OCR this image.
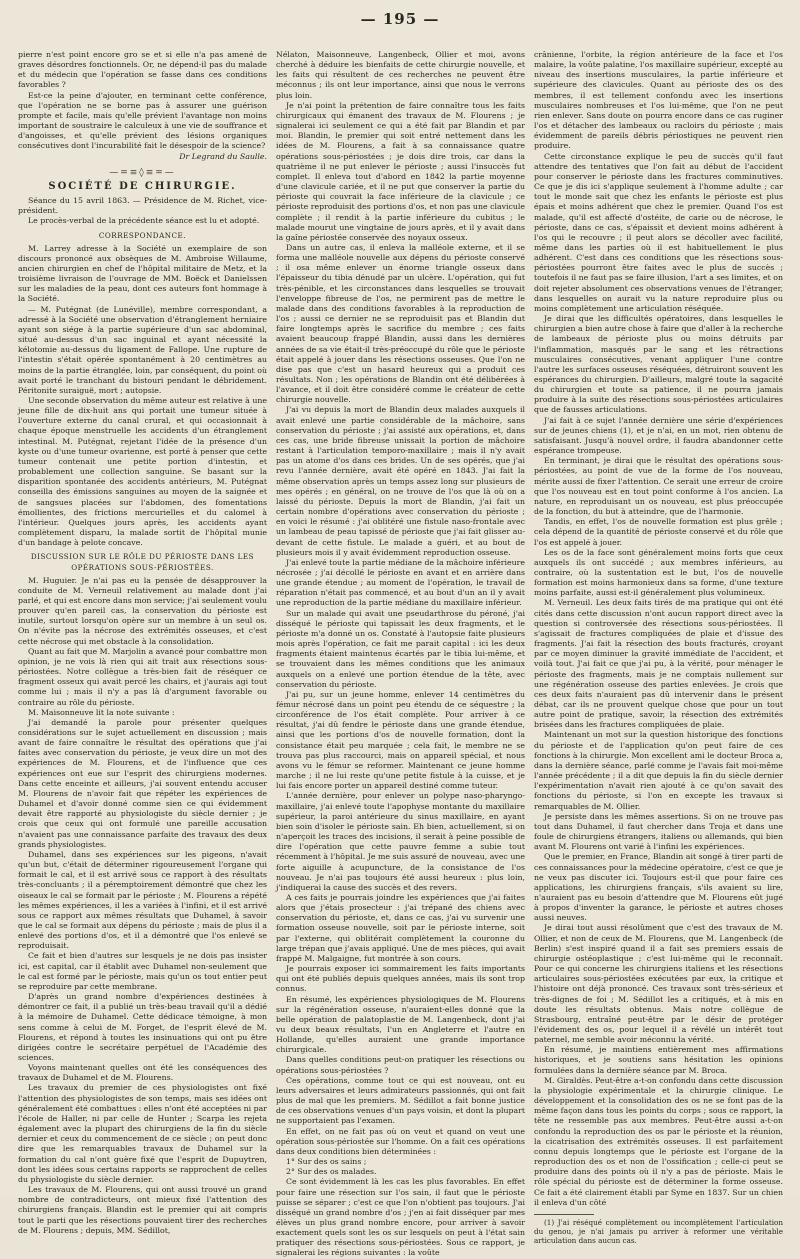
— 195 —

pierre n'est point encore gro se et si elle n'a pas amené de graves désordres fonctionnels. Or, ne dépend-il pas du malade et du médecin que l'opération se fasse dans ces conditions favorables ?

Est-ce la peine d'ajouter, en terminant cette conférence, que l'opération ne se borne pas à assurer une guérison prompte et facile, mais qu'elle prévient l'avantage non moins important de soustraire le calculeux à une vie de souffrance et d'angoisses, et qu'elle prévient des lésions organiques consécutives dont l'incurabilité fait le désespoir de la science?

Dr Legrand du Saulle.

—=≡◊≡=—
SOCIÉTÉ DE CHIRURGIE.

Séance du 15 avril 1863. — Présidence de M. Richet, vice-président.

Le procès-verbal de la précédente séance est lu et adopté.

CORRESPONDANCE.

M. Larrey adresse à la Société un exemplaire de son discours prononcé aux obsèques de M. Ambroise Willaume, ancien chirurgien en chef de l'hôpital militaire de Metz, et la troisième livraison de l'ouvrage de MM. Boëck et Danielssen sur les maladies de la peau, dont ces auteurs font hommage à la Société.

— M. Putégnat (de Lunéville), membre correspondant, a adressé à la Société une observation d'étranglement herniaire ayant son siége à la partie supérieure d'un sac abdominal, situé au-dessus d'un sac inguinal et ayant nécessité la kélotomie au-dessus du ligament de Fallope. Une rupture de l'intestin s'était opérée spontanément à 20 centimètres au moins de la partie étranglée, loin, par conséquent, du point où avait porté le tranchant du bistouri pendant le débridement. Péritonite suraiguë, mort ; autopsie.

Une seconde observation du même auteur est relative à une jeune fille de dix-huit ans qui portait une tumeur située à l'ouverture externe du canal crural, et qui occasionnait à chaque époque menstruelle les accidents d'un étranglement intestinal. M. Putégnat, rejetant l'idée de la présence d'un kyste ou d'une tumeur ovarienne, est porté à penser que cette tumeur contenait une petite portion d'intestin, et probablement une collection sanguine. Se basant sur la disparition spontanée des accidents antérieurs, M. Putégnat conseilla des émissions sanguines au moyen de la saignée et de sangsues placées sur l'abdomen, des fomentations émollientes, des frictions mercurielles et du calomel à l'intérieur. Quelques jours après, les accidents ayant complètement disparu, la malade sortit de l'hôpital munie d'un bandage à pelote concave.

DISCUSSION SUR LE RÔLE DU PÉRIOSTE DANS LES OPÉRATIONS SOUS-PÉRIOSTÉES.

M. Huguier. Je n'ai pas eu la pensée de désapprouver la conduite de M. Verneuil relativement au malade dont j'ai parlé, et qui est encore dans mon service; j'ai seulement voulu prouver qu'en pareil cas, la conservation du périoste est inutile, surtout lorsqu'on opère sur un membre à un seul os. On n'évite pas la nécrose des extrémités osseuses, et c'est cette nécrose qui met obstacle à la consolidation.

Quant au fait que M. Marjolin a avancé pour combattre mon opinion, je ne vois là rien qui ait trait aux résections sous-périostées. Notre collègue a très-bien fait de réséquer ce fragment osseux qui avait percé les chairs, et j'aurais agi tout comme lui ; mais il n'y a pas là d'argument favorable ou contraire au rôle du périoste.

M. Maisonneuve lit la note suivante :

J'ai demandé la parole pour présenter quelques considérations sur le sujet actuellement en discussion ; mais avant de faire connaître le résultat des opérations que j'ai faites avec conservation du périoste, je veux dire un mot des expériences de M. Flourens, et de l'influence que ces expériences ont eue sur l'esprit des chirurgiens modernes. Dans cette enceinte et ailleurs, j'ai souvent entendu accuser M. Flourens de n'avoir fait que répéter les expériences de Duhamel et d'avoir donné comme sien ce qui évidemment devait être rapporté au physiologiste du siècle dernier ; je crois que ceux qui ont formulé une pareille accusation n'avaient pas une connaissance parfaite des travaux des deux grands physiologistes.

Duhamel, dans ses expériences sur les pigeons, n'avait qu'un but, c'était de déterminer rigoureusement l'organe qui formait le cal, et il est arrivé sous ce rapport à des résultats très-concluants ; il a péremptoirement démontré que chez les oiseaux le cal se formait par le périoste ; M. Flourens a répété les mêmes expériences, il les a variées à l'infini, et il est arrivé sous ce rapport aux mêmes résultats que Duhamel, à savoir que le cal se formait aux dépens du périoste ; mais de plus il a enlevé des portions d'os, et il a démontré que l'os enlevé se reproduisait.

Ce fait et bien d'autres sur lesquels je ne dois pas insister ici, est capital, car il établit avec Duhamel non-seulement que le cal est formé par le périoste, mais qu'un os tout entier peut se reproduire par cette membrane.

D'après un grand nombre d'expériences destinées à démontrer ce fait, il a publié un très-beau travail qu'il a dédié à la mémoire de Duhamel. Cette dédicace témoigne, à mon sens comme à celui de M. Forget, de l'esprit élevé de M. Flourens, et répond à toutes les insinuations qui ont pu être dirigées contre le secrétaire perpétuel de l'Académie des sciences.

Voyons maintenant quelles ont été les conséquences des travaux de Duhamel et de M. Flourens.

Les travaux du premier de ces physiologistes ont fixé l'attention des physiologistes de son temps, mais ses idées ont généralement été combattues : elles n'ont été acceptées ni par l'école de Haller, ni par celle de Hunter ; Scarpa les rejeta également avec la plupart des chirurgiens de la fin du siècle dernier et ceux du commencement de ce siècle ; on peut donc dire que les remarquables travaux de Duhamel sur la formation du cal n'ont guère fixé que l'esprit de Dupuytren, dont les idées sous certains rapports se rapprochent de celles du physiologiste du siècle dernier.

Les travaux de M. Flourens, qui ont aussi trouvé un grand nombre de contradicteurs, ont mieux fixé l'attention des chirurgiens français. Blandin est le premier qui ait compris tout le parti que les résections pouvaient tirer des recherches de M. Flourens ; depuis, MM. Sédillot,

Nélaton, Maisonneuve, Langenbeck, Ollier et moi, avons cherché à déduire les bienfaits de cette chirurgie nouvelle, et les faits qui résultent de ces recherches ne peuvent être méconnus ; ils ont leur importance, ainsi que nous le verrons plus loin.

Je n'ai point la prétention de faire connaître tous les faits chirurgicaux qui émanent des travaux de M. Flourens ; je signalerai ici seulement ce qui a été fait par Blandin et par moi. Blandin, le premier qui soit entré nettement dans les idées de M. Flourens, a fait à sa connaissance quatre opérations sous-périostées ; je dois dire trois, car dans la quatrième il ne put enlever le périoste ; aussi l'insuccès fut complet. Il enleva tout d'abord en 1842 la partie moyenne d'une clavicule cariée, et il ne put que conserver la partie du périoste qui couvrait la face inférieure de la clavicule ; ce périoste reproduisit des portions d'os, et non pas une clavicule complète ; il rendit à la partie inférieure du cubitus ; le malade mourut une vingtaine de jours après, et il y avait dans la gaîne périostée conservée des noyaux osseux.

Dans un autre cas, il enleva la malléole externe, et il se forma une malléole nouvelle aux dépens du périoste conservé ; il osa même enlever un énorme triangle osseux dans l'épaisseur du tibia dénudé par un ulcère. L'opération, qui fut très-pénible, et les circonstances dans lesquelles se trouvait l'enveloppe fibreuse de l'os, ne permirent pas de mettre le malade dans des conditions favorables à la reproduction de l'os ; aussi ce dernier ne se reproduisit pas et Blandin dut faire longtemps après le sacrifice du membre ; ces faits avaient beaucoup frappé Blandin, aussi dans les dernières années de sa vie était-il très-préoccupé du rôle que le périoste était appelé à jouer dans les résections osseuses. Que l'on ne dise pas que c'est un hasard heureux qui a produit ces résultats. Non ; les opérations de Blandin ont été délibérées à l'avance, et il doit être considéré comme le créateur de cette chirurgie nouvelle.

J'ai vu depuis la mort de Blandin deux malades auxquels il avait enlevé une partie considérable de la mâchoire, sans conservation du périoste ; j'ai assisté aux opérations, et, dans ces cas, une bride fibreuse unissait la portion de mâchoire restant à l'articulation temporo-maxillaire ; mais il n'y avait pas un atome d'os dans ces brides. Un de ses opérés, que j'ai revu l'année dernière, avait été opéré en 1843. J'ai fait la même observation après un temps assez long sur plusieurs de mes opérés ; en général, on ne trouve de l'os que là où on a laissé du périoste. Depuis la mort de Blandin, j'ai fait un certain nombre d'opérations avec conservation du périoste ; en voici le résumé : j'ai oblitéré une fistule naso-frontale avec un lambeau de peau tapissé de périoste que j'ai fait glisser au-devant de cette fistule. Le malade a guéri, et au bout de plusieurs mois il y avait évidemment reproduction osseuse.

J'ai enlevé toute la partie médiane de la mâchoire inférieure nécrosée ; j'ai décollé le périoste en avant et en arrière dans une grande étendue ; au moment de l'opération, le travail de réparation n'était pas commencé, et au bout d'un an il y avait une reproduction de la partie médiane du maxillaire inférieur.

Sur un malade qui avait une pseudarthrose du péroné, j'ai disséqué le périoste qui tapissait les deux fragments, et le périoste m'a donné un os. Constaté à l'autopsie faite plusieurs mois après l'opération, ce fait me parait capital : ici les deux fragments étaient maintenus écartés par le tibia lui-même, et se trouvaient dans les mêmes conditions que les animaux auxquels on a enlevé une portion étendue de la tête, avec conservation du périoste.

J'ai pu, sur un jeune homme, enlever 14 centimètres du fémur nécrosé dans un point peu étendu de ce séquestre ; la circonférence de l'os était complète. Pour arriver à ce résultat, j'ai dû fendre le périoste dans une grande étendue, ainsi que les portions d'os de nouvelle formation, dont la consistance était peu marquée ; cela fait, le membre ne se trouva pas plus raccourci, mais on appareil spécial, et nous avons vu le fémur se reformer. Maintenant ce jeune homme marche ; il ne lui reste qu'une petite fistule à la cuisse, et je lui fais encore porter un appareil destiné comme tuteur.

L'année dernière, pour enlever un polype naso-pharyngo-maxillaire, j'ai enlevé toute l'apophyse montante du maxillaire supérieur, la paroi antérieure du sinus maxillaire, en ayant bien soin d'isoler le périoste sain. Eh bien, actuellement, si on n'aperçoit les traces des incisions, il serait à peine possible de dire l'opération que cette pauvre femme a subie tout récemment à l'hôpital. Je me suis assuré de nouveau, avec une forte aiguille à acupuncture, de la consistance de l'os nouveau. Je n'ai pas toujours été aussi heureux : plus loin, j'indiquerai la cause des succès et des revers.

A ces faits je pourrais joindre les expériences que j'ai faites alors que j'étais prosecteur : j'ai trépané des chiens avec conservation du périoste, et, dans ce cas, j'ai vu survenir une formation osseuse nouvelle, soit par le périoste interne, soit par l'externe, qui oblitérait complètement la couronne du large trépan que j'avais appliqué. Une de mes pièces, qui avait frappé M. Malgaigne, fut montrée à son cours.

Je pourrais exposer ici sommairement les faits importants qui ont été publiés depuis quelques années, mais ils sont trop connus.

En résumé, les expériences physiologiques de M. Flourens sur la régénération osseuse, n'auraient-elles donné que la belle opération de palatoplastie de M. Langenbeck, dont j'ai vu deux beaux résultats, l'un en Angleterre et l'autre en Hollande, qu'elles auraient une grande importance chirurgicale.

Dans quelles conditions peut-on pratiquer les résections ou opérations sous-périostées ?

Ces opérations, comme tout ce qui est nouveau, ont eu leurs adversaires et leurs admirateurs passionnés, qui ont fait plus de mal que les premiers. M. Sédillot a fait bonne justice de ces observations venues d'un pays voisin, et dont la plupart ne supportaient pas l'examen.

En effet, on ne fait pas où on veut et quand on veut une opération sous-périostée sur l'homme. On a fait ces opérations dans deux conditions bien déterminées :

1° Sur des os sains ;

2° Sur des os malades.

Ce sont évidemment là les cas les plus favorables. En effet pour faire une résection sur l'os sain, il faut que le périoste puisse se séparer ; c'est ce que l'on n'obtient pas toujours. J'ai disséqué un grand nombre d'os ; j'en ai fait disséquer par mes élèves un plus grand nombre encore, pour arriver à savoir exactement quels sont les os sur lesquels on peut à l'état sain pratiquer des résections sous-périostées. Sous ce rapport, je signalerai les régions suivantes : la voûte

crânienne, l'orbite, la région antérieure de la face et l'os malaire, la voûte palatine, l'os maxillaire supérieur, excepté au niveau des insertions musculaires, la partie inférieure et supérieure des clavicules. Quant au périoste des os des membres, il est tellement confondu avec les insertions musculaires nombreuses et l'os lui-même, que l'on ne peut rien enlever. Sans doute on pourra encore dans ce cas ruginer l'os et détacher des lambeaux ou racloirs du périoste ; mais évidemment de pareils débris périostiques ne peuvent rien produire.

Cette circonstance explique le peu de succès qu'il faut attendre des tentatives que l'on fait au début de l'accident pour conserver le périoste dans les fractures comminutives. Ce que je dis ici s'applique seulement à l'homme adulte ; car tout le monde sait que chez les enfants le périoste est plus épais et moins adhérent que chez le premier. Quand l'os est malade, qu'il est affecté d'ostéite, de carie ou de nécrose, le périoste, dans ce cas, s'épaissit et devient moins adhérent à l'os qui le recouvre ; il peut alors se décoller avec facilité, même dans les parties où il est habituellement le plus adhérent. C'est dans ces conditions que les résections sous-périostées pourront être faites avec le plus de succès ; toutefois il ne faut pas se faire illusion, l'art a ses limites, et on doit rejeter absolument ces observations venues de l'étranger, dans lesquelles on aurait vu la nature reproduire plus ou moins complètement une articulation réséquée.

Je dirai que les difficultés opératoires, dans lesquelles le chirurgien a bien autre chose à faire que d'aller à la recherche de lambeaux de périoste plus ou moins détruits par l'inflammation, masqués par le sang et les rétractions musculaires consécutives, venant appliquer l'une contre l'autre les surfaces osseuses réséquées, détruiront souvent les espérances du chirurgien. D'ailleurs, malgré toute la sagacité du chirurgien et toute sa patience, il ne pourra jamais produire à la suite des résections sous-périostées articulaires que de fausses articulations.

J'ai fait à ce sujet l'année dernière une série d'expériences sur de jeunes chiens (1), et je n'ai, en un mot, rien obtenu de satisfaisant. Jusqu'à nouvel ordre, il faudra abandonner cette espérance trompeuse.

En terminant, je dirai que le résultat des opérations sous-périostées, au point de vue de la forme de l'os nouveau, mérite aussi de fixer l'attention. Ce serait une erreur de croire que l'os nouveau est en tout point conforme à l'os ancien. La nature, en reproduisant un os nouveau, est plus préoccupée de la fonction, du but à atteindre, que de l'harmonie.

Tandis, en effet, l'os de nouvelle formation est plus grêle ; cela dépend de la quantité de périoste conservé et du rôle que l'os est appelé à jouer.

Les os de la face sont généralement moins forts que ceux auxquels ils ont succédé ; aux membres inférieurs, au contraire, où la sustentation est le but, l'os de nouvelle formation est moins harmonieux dans sa forme, d'une texture moins parfaite, aussi est-il généralement plus volumineux.

M. Verneuil. Les deux faits tirés de ma pratique qui ont été cités dans cette discussion n'ont aucun rapport direct avec la question si controversée des résections sous-périostées. Il s'agissait de fractures compliquées de plaie et d'issue des fragments. J'ai fait la résection des bouts fracturés, croyant par ce moyen diminuer la gravité immédiate de l'accident, et voilà tout. J'ai fait ce que j'ai pu, à la vérité, pour ménager le périoste des fragments, mais je ne comptais nullement sur une régénération osseuse des parties enlevées. Je crois que ces deux faits n'auraient pas dû intervenir dans le présent débat, car ils ne prouvent quelque chose que pour un tout autre point de pratique, savoir, la résection des extrémités brisées dans les fractures compliquées de plaie.

Maintenant un mot sur la question historique des fonctions du périoste et de l'application qu'on peut faire de ces fonctions à la chirurgie. Mon excellent ami le docteur Broca a, dans la dernière séance, parlé comme je l'avais fait moi-même l'année précédente ; il a dit que depuis la fin du siècle dernier l'expérimentation n'avait rien ajouté à ce qu'on savait des fonctions du périoste, si l'on en excepte les travaux si remarquables de M. Ollier.

Je persiste dans les mêmes assertions. Si on ne trouve pas tout dans Duhamel, il faut chercher dans Troja et dans une foule de chirurgiens étrangers, italiens ou allemands, qui bien avant M. Flourens ont varié à l'infini les expériences.

Que le premier, en France, Blandin ait songé à tirer parti de ces connaissances pour la médecine opératoire, c'est ce que je ne veux pas discuter ici. Toujours est-il que pour faire ces applications, les chirurgiens français, s'ils avaient su lire, n'auraient pas eu besoin d'attendre que M. Flourens eût jugé à propos d'inventer la garance, le périoste et autres choses aussi neuves.

Je dirai tout aussi résolûment que c'est des travaux de M. Ollier, et non de ceux de M. Flourens, que M. Langenbeck (de Berlin) s'est inspiré quand il a fait ses premiers essais de chirurgie ostéoplastique ; c'est lui-même qui le reconnaît. Pour ce qui concerne les chirurgiens italiens et les résections articulaires sous-périostées exécutées par eux, la critique et l'histoire ont déjà prononcé. Ces travaux sont très-sérieux et très-dignes de foi ; M. Sédillot les a critiqués, et à mis en doute les résultats obtenus. Mais notre collègue de Strasbourg, entraîné peut-être par le désir de protéger l'évidement des os, pour lequel il a révélé un intérêt tout paternel, me semble avoir méconnu la vérité.

En résumé, je maintiens entièrement mes affirmations historiques, et je soutiens sans hésitation les opinions formulées dans la dernière séance par M. Broca.

M. Giraldès. Peut-être a-t-on confondu dans cette discussion la physiologie expérimentale et la chirurgie clinique. Le développement et la consolidation des os ne se font pas de la même façon dans tous les points du corps ; sous ce rapport, la tête ne ressemble pas aux membres. Peut-être aussi a-t-on confondu la reproduction des os par le périoste et la réunion, la cicatrisation des extrémités osseuses. Il est parfaitement connu depuis longtemps que le périoste est l'organe de la reproduction des os et non de l'ossification ; celle-ci peut se produire dans des points où il n'y a pas de périoste. Mais le rôle spécial du périoste est de déterminer la forme osseuse. Ce fait a été clairement établi par Syme en 1837. Sur un chien il enleva d'un côté

(1) J'ai réséqué complètement ou incomplètement l'articulation du genou, je n'ai jamais pu arriver à reformer une véritable articulation dans aucun cas.
